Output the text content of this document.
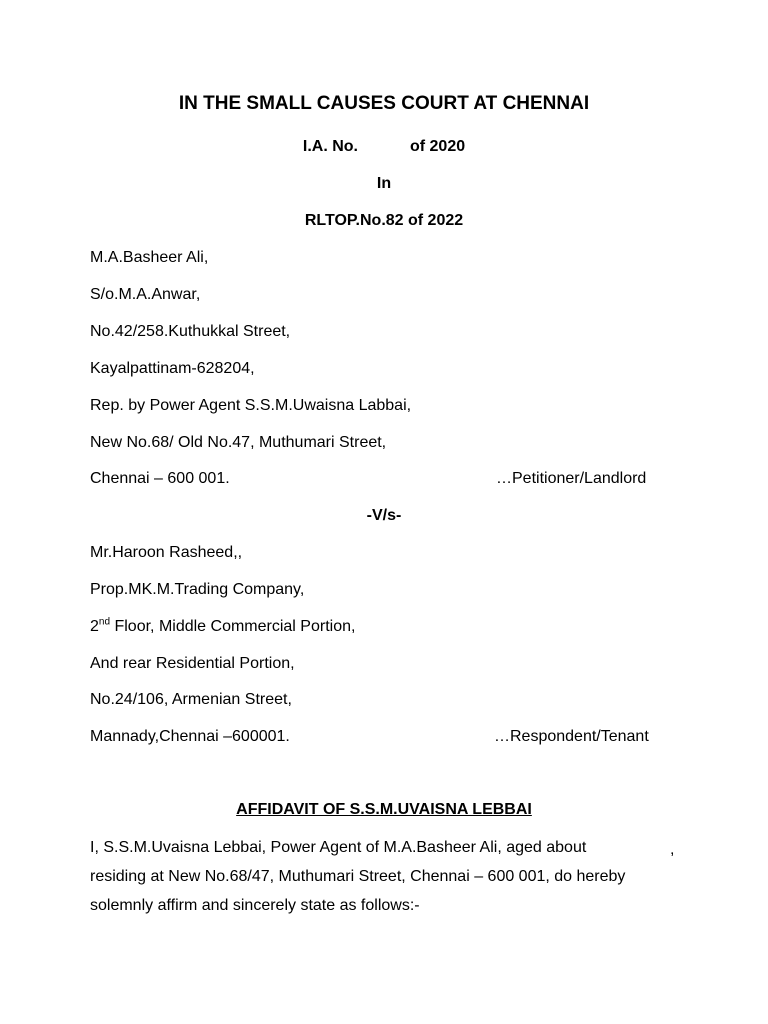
IN THE SMALL CAUSES COURT AT CHENNAI
I.A. No.	of 2020
In
RLTOP.No.82 of 2022
M.A.Basheer Ali,
S/o.M.A.Anwar,
No.42/258.Kuthukkal Street,
Kayalpattinam-628204,
Rep. by Power Agent S.S.M.Uwaisna Labbai,
New No.68/ Old No.47, Muthumari Street,
Chennai – 600 001.	…Petitioner/Landlord
-V/s-
Mr.Haroon Rasheed,,
Prop.MK.M.Trading Company,
2nd Floor, Middle Commercial Portion,
And rear Residential Portion,
No.24/106, Armenian Street,
Mannady,Chennai –600001.	…Respondent/Tenant
AFFIDAVIT OF S.S.M.UVAISNA LEBBAI
I, S.S.M.Uvaisna Lebbai, Power Agent of M.A.Basheer Ali, aged about	,
residing at New No.68/47, Muthumari Street, Chennai – 600 001, do hereby
solemnly affirm and sincerely state as follows:-
